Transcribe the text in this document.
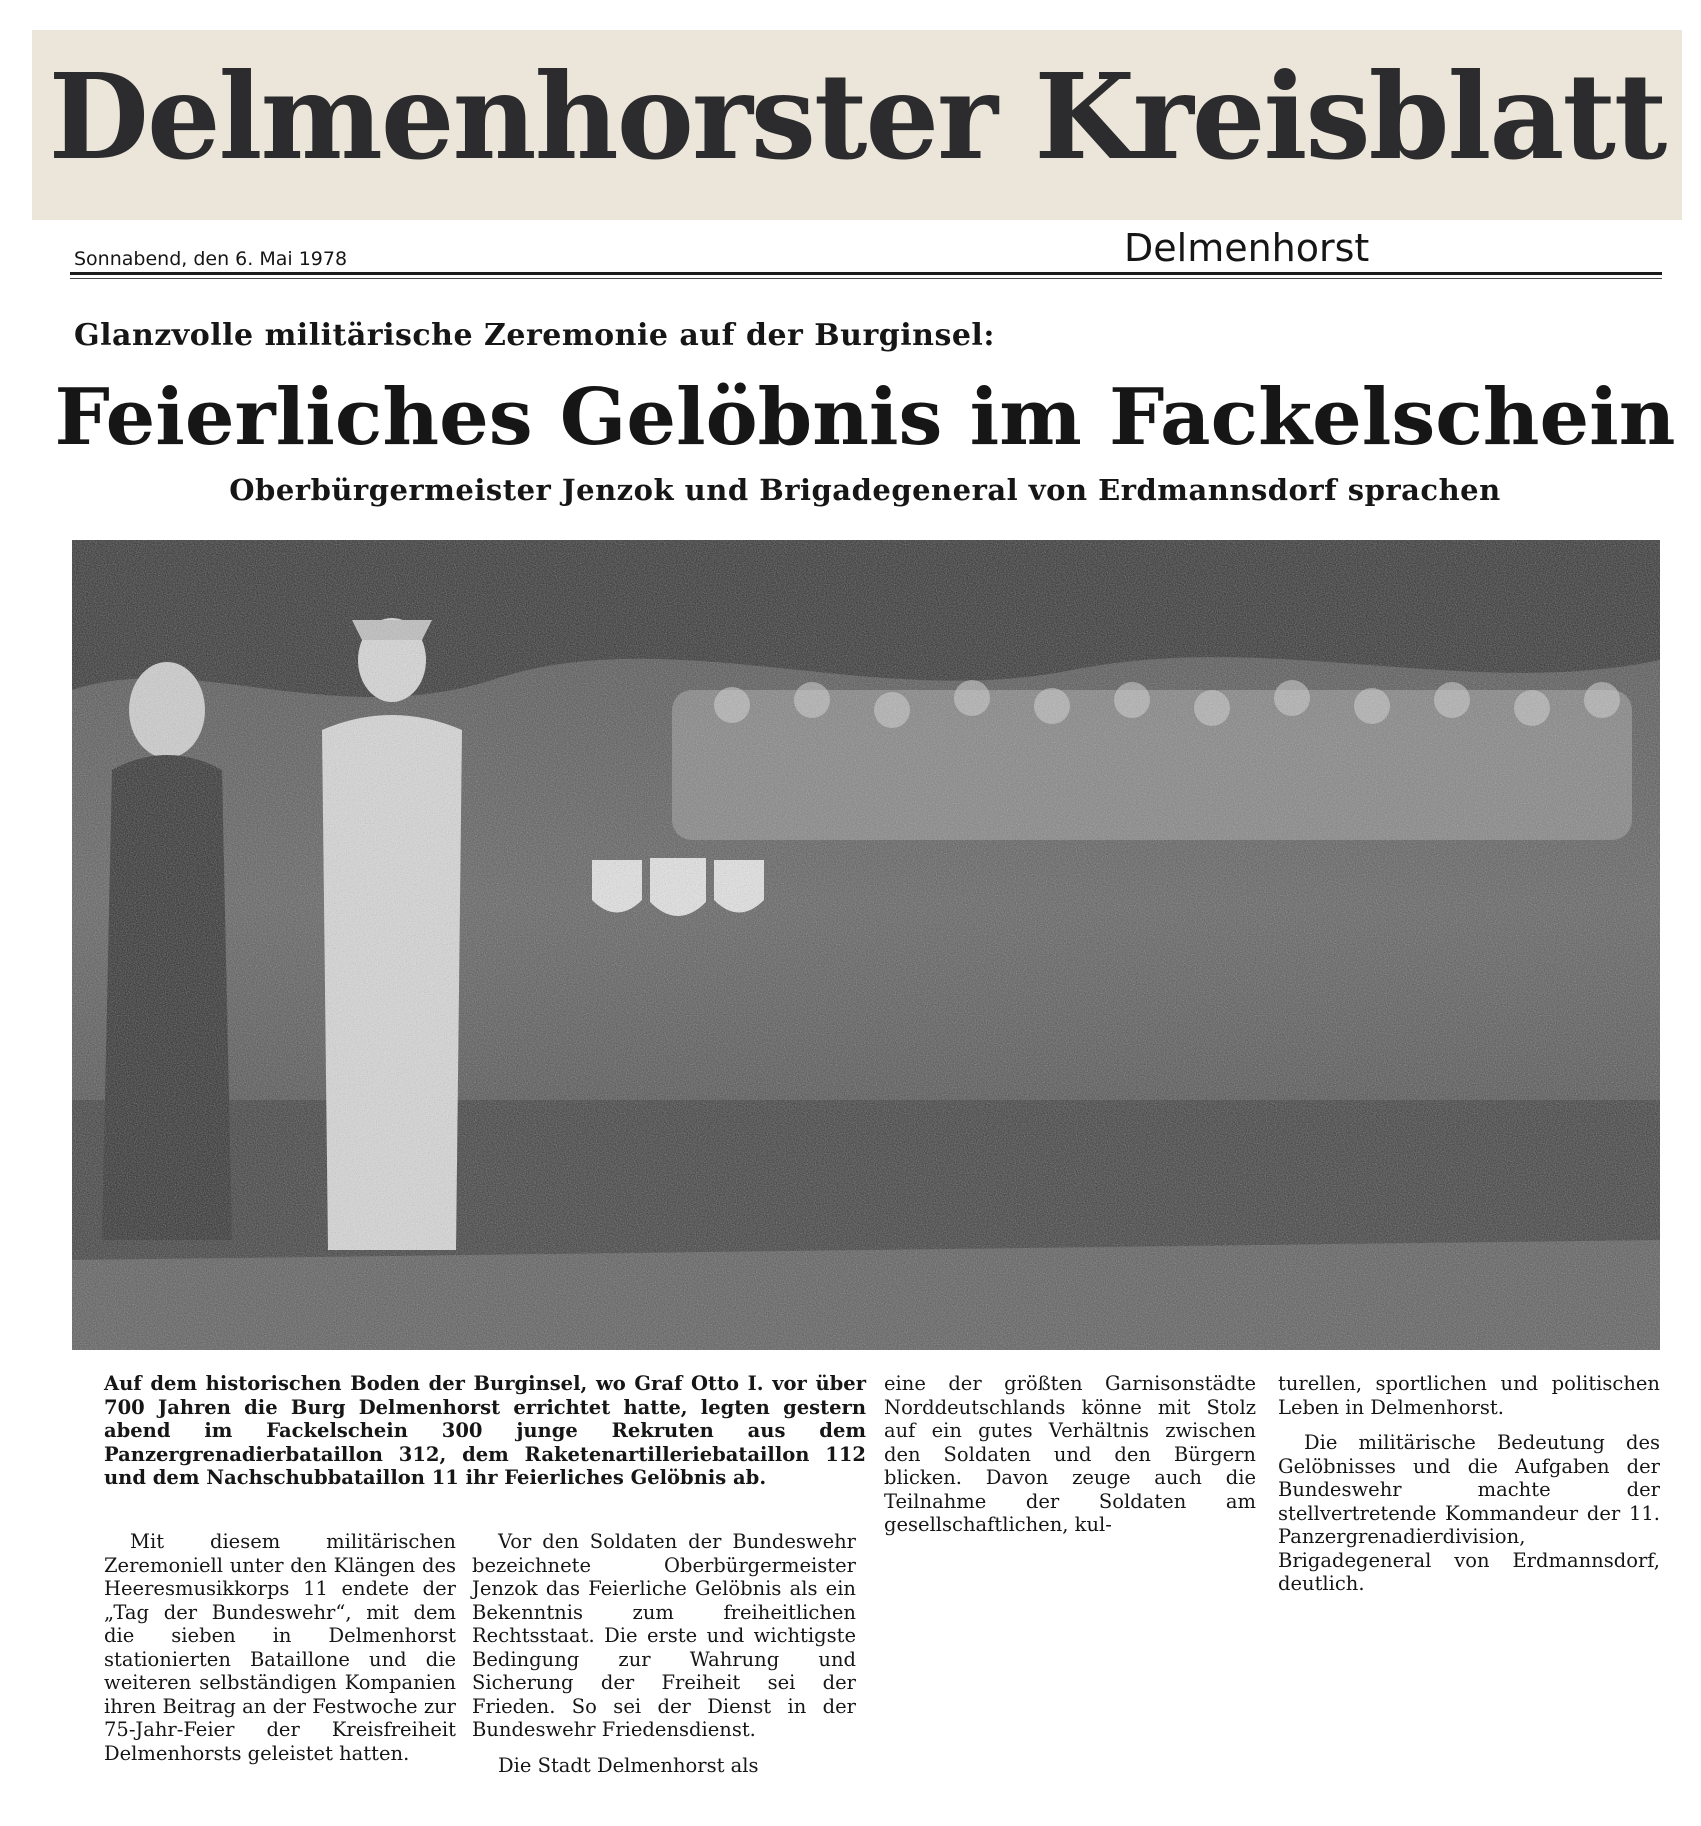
Delmenhorster Kreisblatt
Sonnabend, den 6. Mai 1978	Delmenhorst
Glanzvolle militärische Zeremonie auf der Burginsel:
Feierliches Gelöbnis im Fackelschein
Oberbürgermeister Jenzok und Brigadegeneral von Erdmannsdorf sprachen
Auf dem historischen Boden der Burginsel, wo Graf Otto I. vor über 700 Jahren die Burg Delmenhorst errichtet hatte, legten gestern abend im Fackelschein 300 junge Rekruten aus dem Panzergrenadierbataillon 312, dem Raketenartilleriebataillon 112 und dem Nachschubbataillon 11 ihr Feierliches Gelöbnis ab.

Mit diesem militärischen Zeremoniell unter den Klängen des Heeresmusikkorps 11 endete der „Tag der Bundeswehr“, mit dem die sieben in Delmenhorst stationierten Bataillone und die weiteren selbständigen Kompanien ihren Beitrag an der Festwoche zur 75-Jahr-Feier der Kreisfreiheit Delmenhorsts geleistet hatten.

Vor den Soldaten der Bundeswehr bezeichnete Oberbürgermeister Jenzok das Feierliche Gelöbnis als ein Bekenntnis zum freiheitlichen Rechtsstaat. Die erste und wichtigste Bedingung zur Wahrung und Sicherung der Freiheit sei der Frieden. So sei der Dienst in der Bundeswehr Friedensdienst.

Die Stadt Delmenhorst als

eine der größten Garnisonstädte Norddeutschlands könne mit Stolz auf ein gutes Verhältnis zwischen den Soldaten und den Bürgern blicken. Davon zeuge auch die Teilnahme der Soldaten am gesellschaftlichen, kul-

turellen, sportlichen und politischen Leben in Delmenhorst.

Die militärische Bedeutung des Gelöbnisses und die Aufgaben der Bundeswehr machte der stellvertretende Kommandeur der 11. Panzergrenadierdivision, Brigadegeneral von Erdmannsdorf, deutlich.
